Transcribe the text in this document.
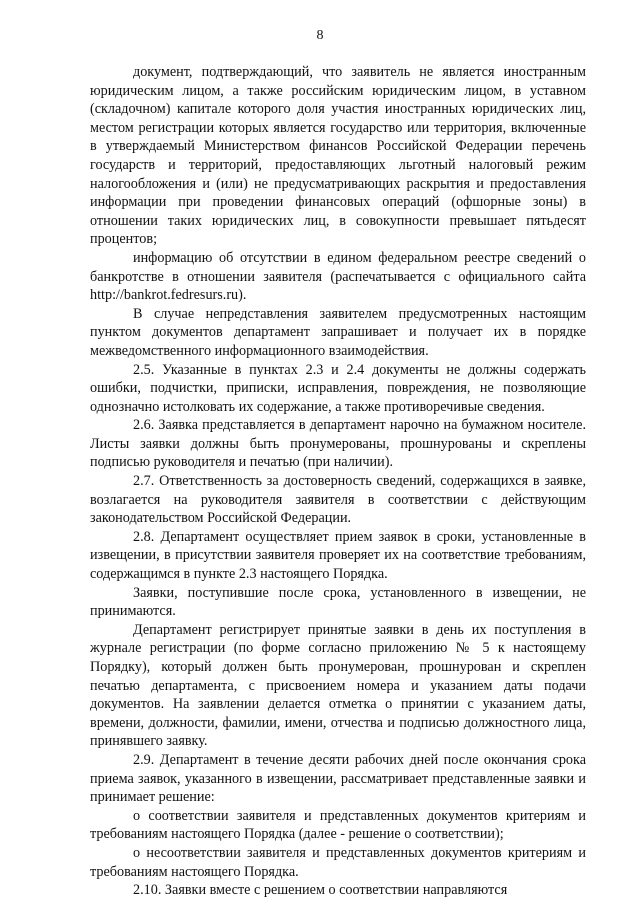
8

документ, подтверждающий, что заявитель не является иностранным юридическим лицом, а также российским юридическим лицом, в уставном (складочном) капитале которого доля участия иностранных юридических лиц, местом регистрации которых является государство или территория, включенные в утверждаемый Министерством финансов Российской Федерации перечень государств и территорий, предоставляющих льготный налоговый режим налогообложения и (или) не предусматривающих раскрытия и предоставления информации при проведении финансовых операций (офшорные зоны) в отношении таких юридических лиц, в совокупности превышает пятьдесят процентов;

информацию об отсутствии в едином федеральном реестре сведений о банкротстве в отношении заявителя (распечатывается с официального сайта http://bankrot.fedresurs.ru).

В случае непредставления заявителем предусмотренных настоящим пунктом документов департамент запрашивает и получает их в порядке межведомственного информационного взаимодействия.

2.5. Указанные в пунктах 2.3 и 2.4 документы не должны содержать ошибки, подчистки, приписки, исправления, повреждения, не позволяющие однозначно истолковать их содержание, а также противоречивые сведения.

2.6. Заявка представляется в департамент нарочно на бумажном носителе. Листы заявки должны быть пронумерованы, прошнурованы и скреплены подписью руководителя и печатью (при наличии).

2.7. Ответственность за достоверность сведений, содержащихся в заявке, возлагается на руководителя заявителя в соответствии с действующим законодательством Российской Федерации.

2.8. Департамент осуществляет прием заявок в сроки, установленные в извещении, в присутствии заявителя проверяет их на соответствие требованиям, содержащимся в пункте 2.3 настоящего Порядка.

Заявки, поступившие после срока, установленного в извещении, не принимаются.

Департамент регистрирует принятые заявки в день их поступления в журнале регистрации (по форме согласно приложению № 5 к настоящему Порядку), который должен быть пронумерован, прошнурован и скреплен печатью департамента, с присвоением номера и указанием даты подачи документов. На заявлении делается отметка о принятии с указанием даты, времени, должности, фамилии, имени, отчества и подписью должностного лица, принявшего заявку.

2.9. Департамент в течение десяти рабочих дней после окончания срока приема заявок, указанного в извещении, рассматривает представленные заявки и принимает решение:

о соответствии заявителя и представленных документов критериям и требованиям настоящего Порядка (далее - решение о соответствии);

о несоответствии заявителя и представленных документов критериям и требованиям настоящего Порядка.

2.10. Заявки вместе с решением о соответствии направляются
